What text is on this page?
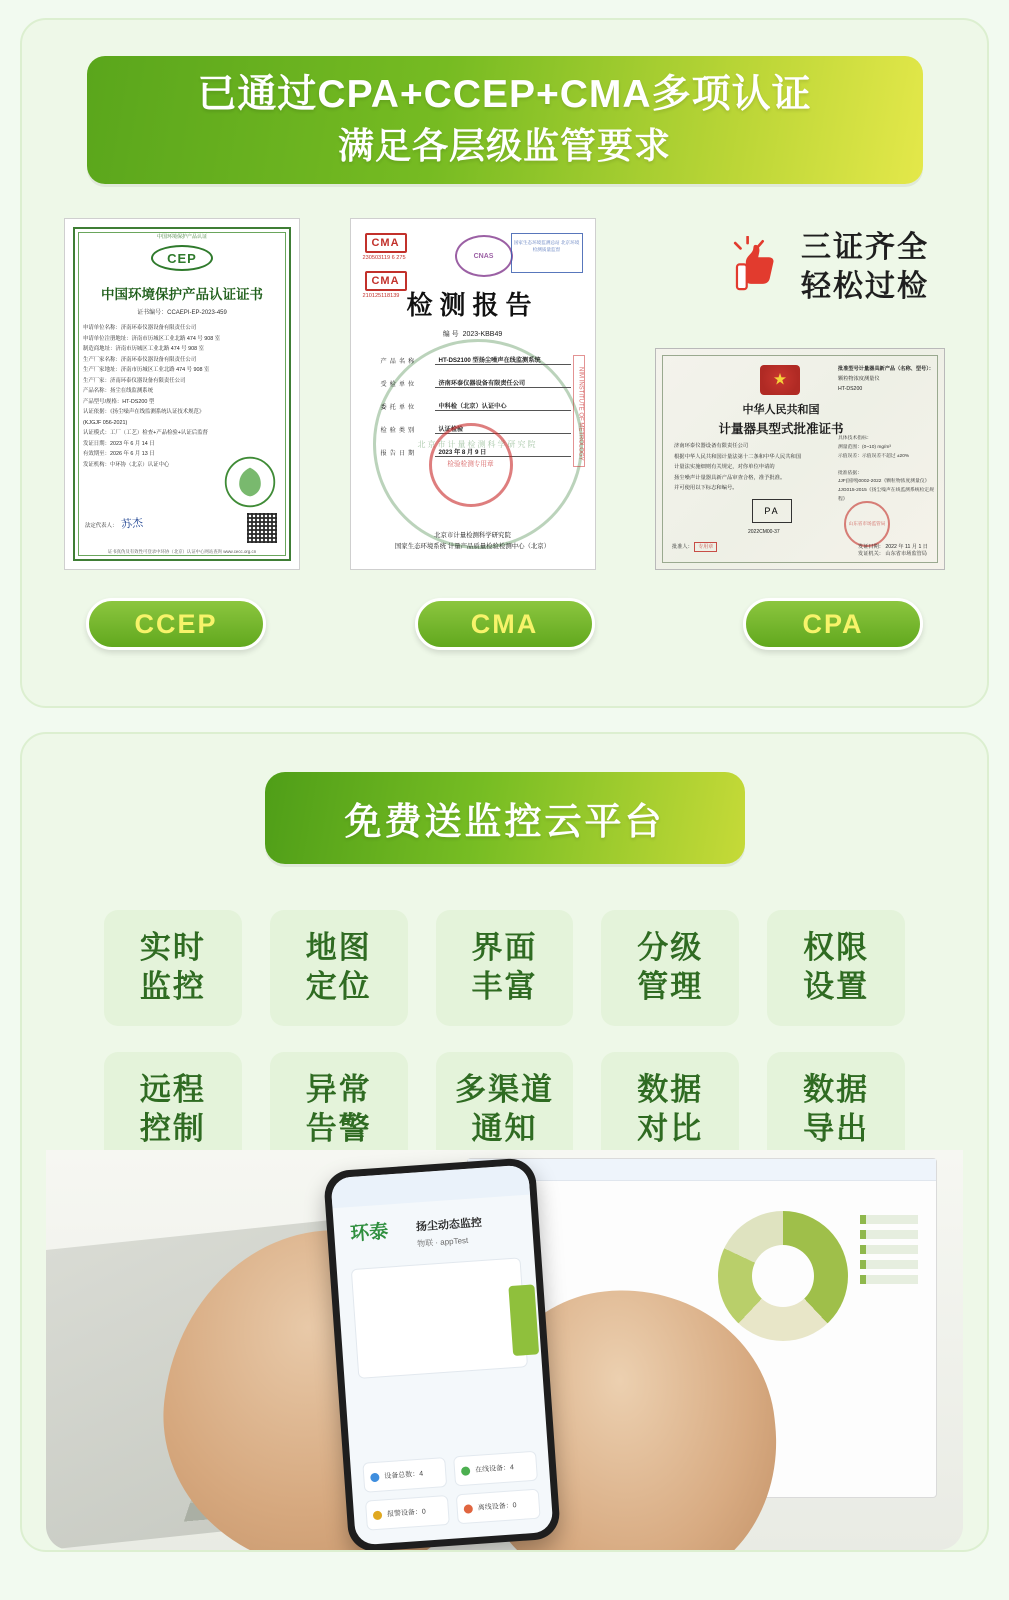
已通过CPA+CCEP+CMA多项认证
满足各层级监管要求
中国环境保护产品认证
CEP
中国环境保护产品认证证书
证书编号：CCAEPI-EP-2023-459
申请单位名称：济南环泰仪器设备有限责任公司
申请单位注册地址：济南市历城区工业北路 474 号 908 室
制造商地址：济南市历城区工业北路 474 号 908 室
生产厂家名称：济南环泰仪器设备有限责任公司
生产厂家地址：济南市历城区工业北路 474 号 908 室
生产厂家：济南环泰仪器设备有限责任公司
产品名称：扬尘在线监测系统
产品型号/规格：HT-DS200 型
认证依据：《扬尘噪声在线监测系统认证技术规范》
(KJGJF 056-2021)
认证模式：工厂（工艺）检查+产品检验+认证后监督
发证日期：2023 年 6 月 14 日
有效期至：2026 年 6 月 13 日
发证机构：中环协（北京）认证中心
法定代表人： 苏杰
证书真伪及有效性可登录中环协（北京）认证中心网站查询 www.cecc.org.cn
CMA
230503119 6 275
CMA
210125118139
CNAS
国家生态环境监测总站 北京环境检测质量监督
检测报告
编 号 2023-KBB49
北京市计量检测科学研究院
产品名称	HT-DS2100 型扬尘噪声在线监测系统
受检单位	济南环泰仪器设备有限责任公司
委托单位	中科检（北京）认证中心
检验类别	认证检验
报告日期	2023 年 8 月 9 日	NIM INSTITUTE OF METROLOGY
检验检测专用章
北京市计量检测科学研究院
国家生态环境系统 计量产品质量检验检测中心（北京）
三证齐全
轻松过检
★
中华人民共和国
计量器具型式批准证书
济南环泰仪器设备有限责任公司
根据中华人民共和国计量法第十二条和中华人民共和国
计量法实施细则有关规定，对你单位申请的
扬尘噪声计量器具新产品审查合格，准予批准。
并可使用以下标志和编号。
批准型号计量器具新产品（名称、型号）：
颗粒物浓度测量仪
HT-DS200
具体技术指标：
测量范围：(0~10) mg/m³
示值误差：示值误差不超过 ±20%
批准依据：
JJF(国网)0002-2022《颗粒物浓度测量仪》
JJG015-2015《扬尘噪声在线监测系统检定规程》
PA
2022CM00-37
山东省市场监管局
批准人： 专用章	发证日期： 2022 年 11 月 1 日
发证机关： 山东省市场监管局
CCEP	CMA	CPA
免费送监控云平台
实时
监控
地图
定位
界面
丰富
分级
管理
权限
设置
远程
控制
异常
告警
多渠道
通知
数据
对比
数据
导出
环泰 扬尘动态监控
物联 · appTest
设备总数：4
在线设备：4
报警设备：0
离线设备：0
